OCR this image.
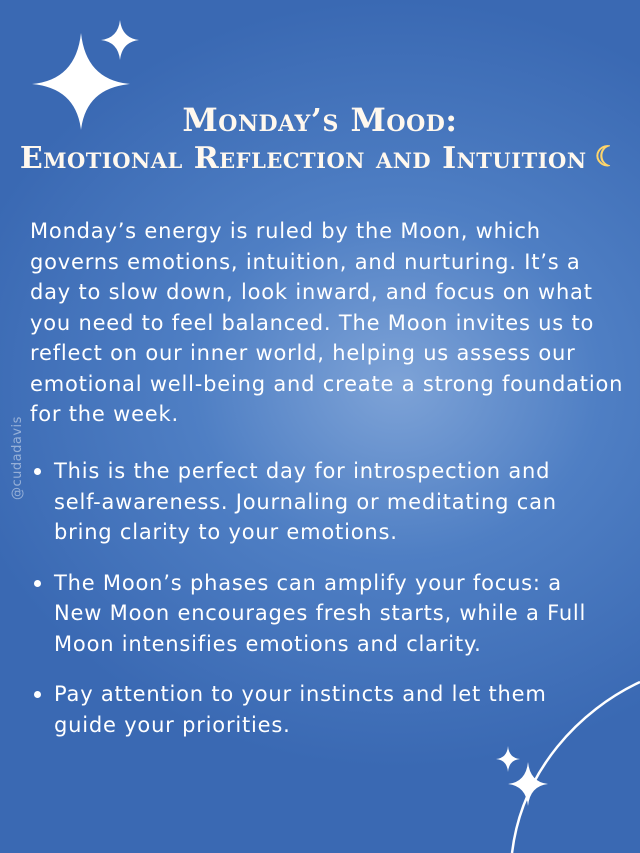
Monday’s Mood:
Emotional Reflection and Intuition ☾

Monday’s energy is ruled by the Moon, which governs emotions, intuition, and nurturing. It’s a day to slow down, look inward, and focus on what you need to feel balanced. The Moon invites us to reflect on our inner world, helping us assess our emotional well-being and create a strong foundation for the week.

This is the perfect day for introspection and self-awareness. Journaling or meditating can bring clarity to your emotions.
The Moon’s phases can amplify your focus: a New Moon encourages fresh starts, while a Full Moon intensifies emotions and clarity.
Pay attention to your instincts and let them guide your priorities.
@cudadavis
